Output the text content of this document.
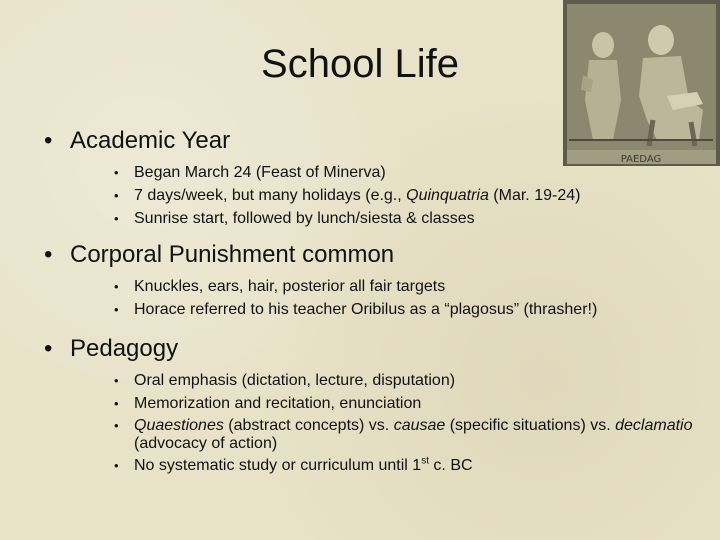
School Life
PAEDAG

• Academic Year

• Began March 24 (Feast of Minerva)
• 7 days/week, but many holidays (e.g., Quinquatria (Mar. 19-24)
• Sunrise start, followed by lunch/siesta & classes

• Corporal Punishment common

• Knuckles, ears, hair, posterior all fair targets
• Horace referred to his teacher Oribilus as a “plagosus” (thrasher!)

• Pedagogy

• Oral emphasis (dictation, lecture, disputation)
• Memorization and recitation, enunciation
• Quaestiones (abstract concepts) vs. causae (specific situations) vs. declamatio (advocacy of action)
• No systematic study or curriculum until 1st c. BC
